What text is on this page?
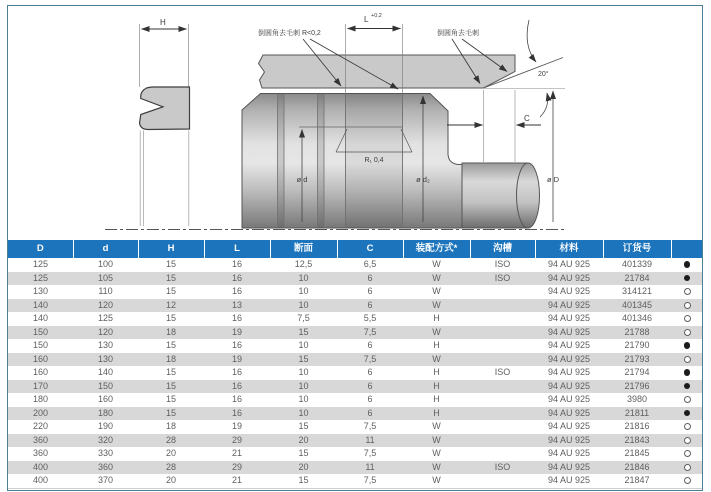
H
20°
L +0,2
C
ø d	ø d₂	ø D
R₁ 0,4
倒圆角去毛刺 R<0,2	倒圆角去毛刺
D	d	H	L	断面	C	装配方式*	沟槽	材料	订货号	
125	100	15	16	12,5	6,5	W	ISO	94 AU 925	401339	
125	105	15	16	10	6	W	ISO	94 AU 925	21784	
130	110	15	16	10	6	W		94 AU 925	314121	
140	120	12	13	10	6	W		94 AU 925	401345	
140	125	15	16	7,5	5,5	H		94 AU 925	401346	
150	120	18	19	15	7,5	W		94 AU 925	21788	
150	130	15	16	10	6	H		94 AU 925	21790	
160	130	18	19	15	7,5	W		94 AU 925	21793	
160	140	15	16	10	6	H	ISO	94 AU 925	21794	
170	150	15	16	10	6	H		94 AU 925	21796	
180	160	15	16	10	6	H		94 AU 925	3980	
200	180	15	16	10	6	H		94 AU 925	21811	
220	190	18	19	15	7,5	W		94 AU 925	21816	
360	320	28	29	20	11	W		94 AU 925	21843	
360	330	20	21	15	7,5	W		94 AU 925	21845	
400	360	28	29	20	11	W	ISO	94 AU 925	21846	
400	370	20	21	15	7,5	W		94 AU 925	21847	
